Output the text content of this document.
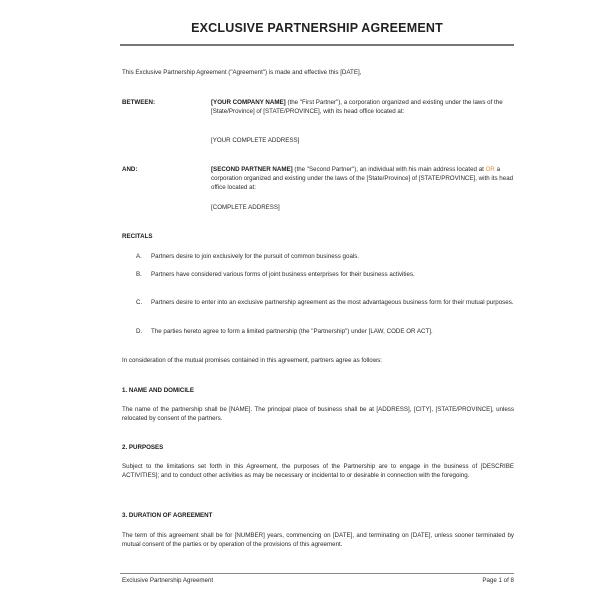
EXCLUSIVE PARTNERSHIP AGREEMENT
This Exclusive Partnership Agreement ("Agreement") is made and effective this [DATE],
BETWEEN:	[YOUR COMPANY NAME] (the "First Partner"), a corporation organized and existing under the laws of the [State/Province] of [STATE/PROVINCE], with its head office located at:
[YOUR COMPLETE ADDRESS]
AND:	[SECOND PARTNER NAME] (the "Second Partner"), an individual with his main address located at OR a corporation organized and existing under the laws of the [State/Province] of [STATE/PROVINCE], with its head office located at:
[COMPLETE ADDRESS]
RECITALS
A.	Partners desire to join exclusively for the pursuit of common business goals.
B.	Partners have considered various forms of joint business enterprises for their business activities.
C.	Partners desire to enter into an exclusive partnership agreement as the most advantageous business form for their mutual purposes.
D.	The parties hereto agree to form a limited partnership (the "Partnership") under [LAW, CODE OR ACT].
In consideration of the mutual promises contained in this agreement, partners agree as follows:
1. NAME AND DOMICILE
The name of the partnership shall be [NAME]. The principal place of business shall be at [ADDRESS], [CITY], [STATE/PROVINCE], unless relocated by consent of the partners.
2. PURPOSES
Subject to the limitations set forth in this Agreement, the purposes of the Partnership are to engage in the business of [DESCRIBE ACTIVITIES]; and to conduct other activities as may be necessary or incidental to or desirable in connection with the foregoing.
3. DURATION OF AGREEMENT
The term of this agreement shall be for [NUMBER] years, commencing on [DATE], and terminating on [DATE], unless sooner terminated by mutual consent of the parties or by operation of the provisions of this agreement.
Exclusive Partnership Agreement	Page 1 of 8
